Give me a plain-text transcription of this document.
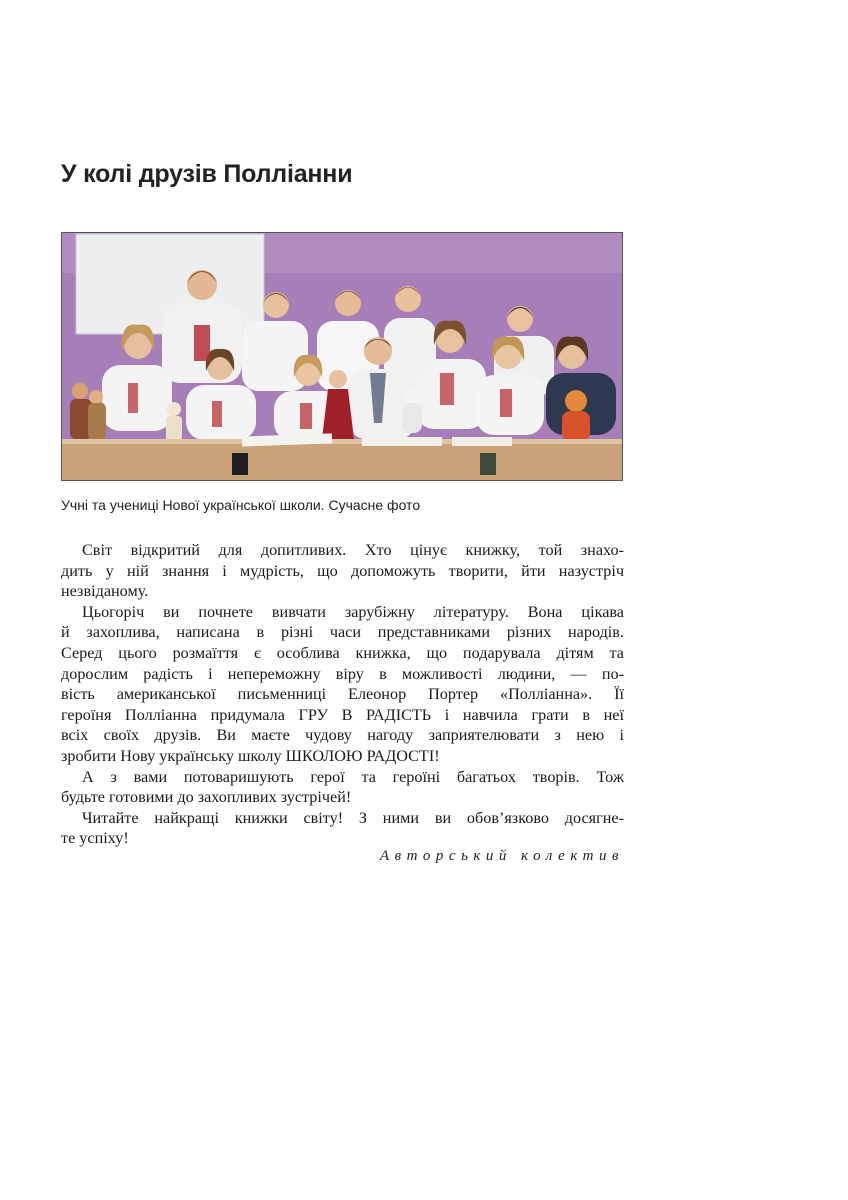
У колі друзів Полліанни
Учні та учениці Нової української школи. Сучасне фото
Світ відкритий для допитливих. Хто цінує книжку, той знахо-
дить у ній знання і мудрість, що допоможуть творити, йти назустріч
незвіданому.
Цьогоріч ви почнете вивчати зарубіжну літературу. Вона цікава
й захоплива, написана в різні часи представниками різних народів.
Серед цього розмаїття є особлива книжка, що подарувала дітям та
дорослим радість і непереможну віру в можливості людини, — по-
вість американської письменниці Елеонор Портер «Полліанна». Її
героїня Полліанна придумала ГРУ В РАДІСТЬ і навчила грати в неї
всіх своїх друзів. Ви маєте чудову нагоду заприятелювати з нею і
зробити Нову українську школу ШКОЛОЮ РАДОСТІ!
А з вами потоваришують герої та героїні багатьох творів. Тож
будьте готовими до захопливих зустрічей!
Читайте найкращі книжки світу! З ними ви обов’язково досягне-
те успіху!
Авторський колектив
